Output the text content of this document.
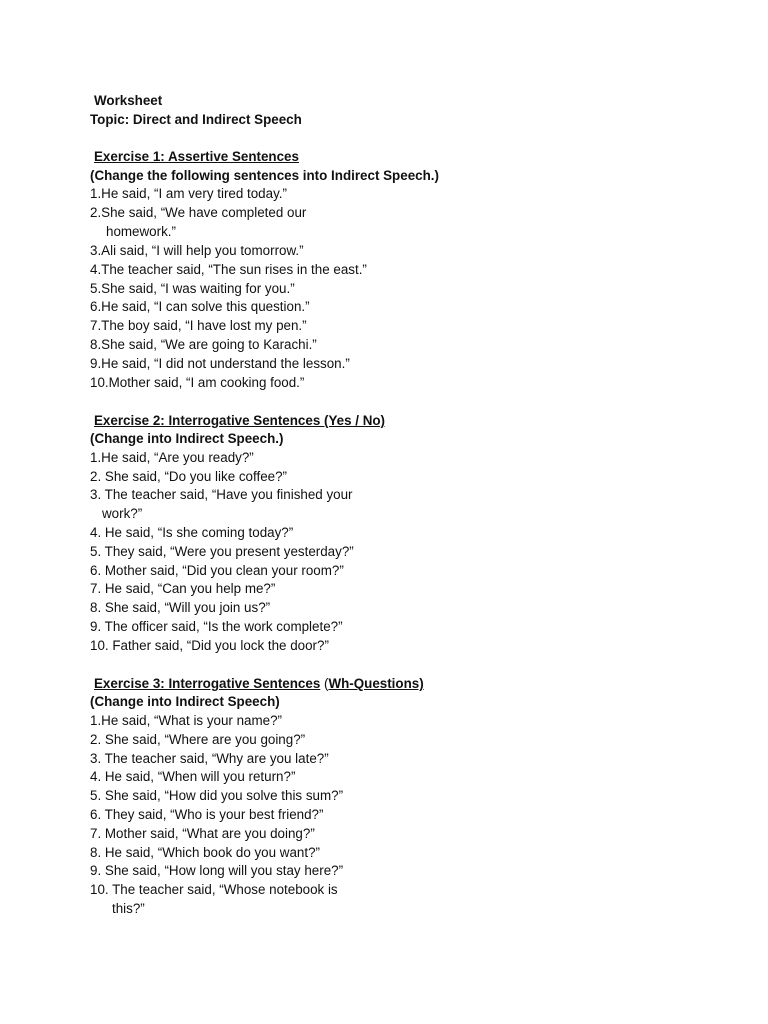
Worksheet
Topic: Direct and Indirect Speech
Exercise 1: Assertive Sentences
(Change the following sentences into Indirect Speech.)
1.He said, “I am very tired today.”
2.She said, “We have completed our
homework.”
3.Ali said, “I will help you tomorrow.”
4.The teacher said, “The sun rises in the east.”
5.She said, “I was waiting for you.”
6.He said, “I can solve this question.”
7.The boy said, “I have lost my pen.”
8.She said, “We are going to Karachi.”
9.He said, “I did not understand the lesson.”
10.Mother said, “I am cooking food.”
Exercise 2: Interrogative Sentences (Yes / No)
(Change into Indirect Speech.)
1.He said, “Are you ready?”
2. She said, “Do you like coffee?”
3. The teacher said, “Have you finished your
work?”
4. He said, “Is she coming today?”
5. They said, “Were you present yesterday?”
6. Mother said, “Did you clean your room?”
7. He said, “Can you help me?”
8. She said, “Will you join us?”
9. The officer said, “Is the work complete?”
10. Father said, “Did you lock the door?”
Exercise 3: Interrogative Sentences (Wh-Questions)
(Change into Indirect Speech)
1.He said, “What is your name?”
2. She said, “Where are you going?”
3. The teacher said, “Why are you late?”
4. He said, “When will you return?”
5. She said, “How did you solve this sum?”
6. They said, “Who is your best friend?”
7. Mother said, “What are you doing?”
8. He said, “Which book do you want?”
9. She said, “How long will you stay here?”
10. The teacher said, “Whose notebook is
this?”
